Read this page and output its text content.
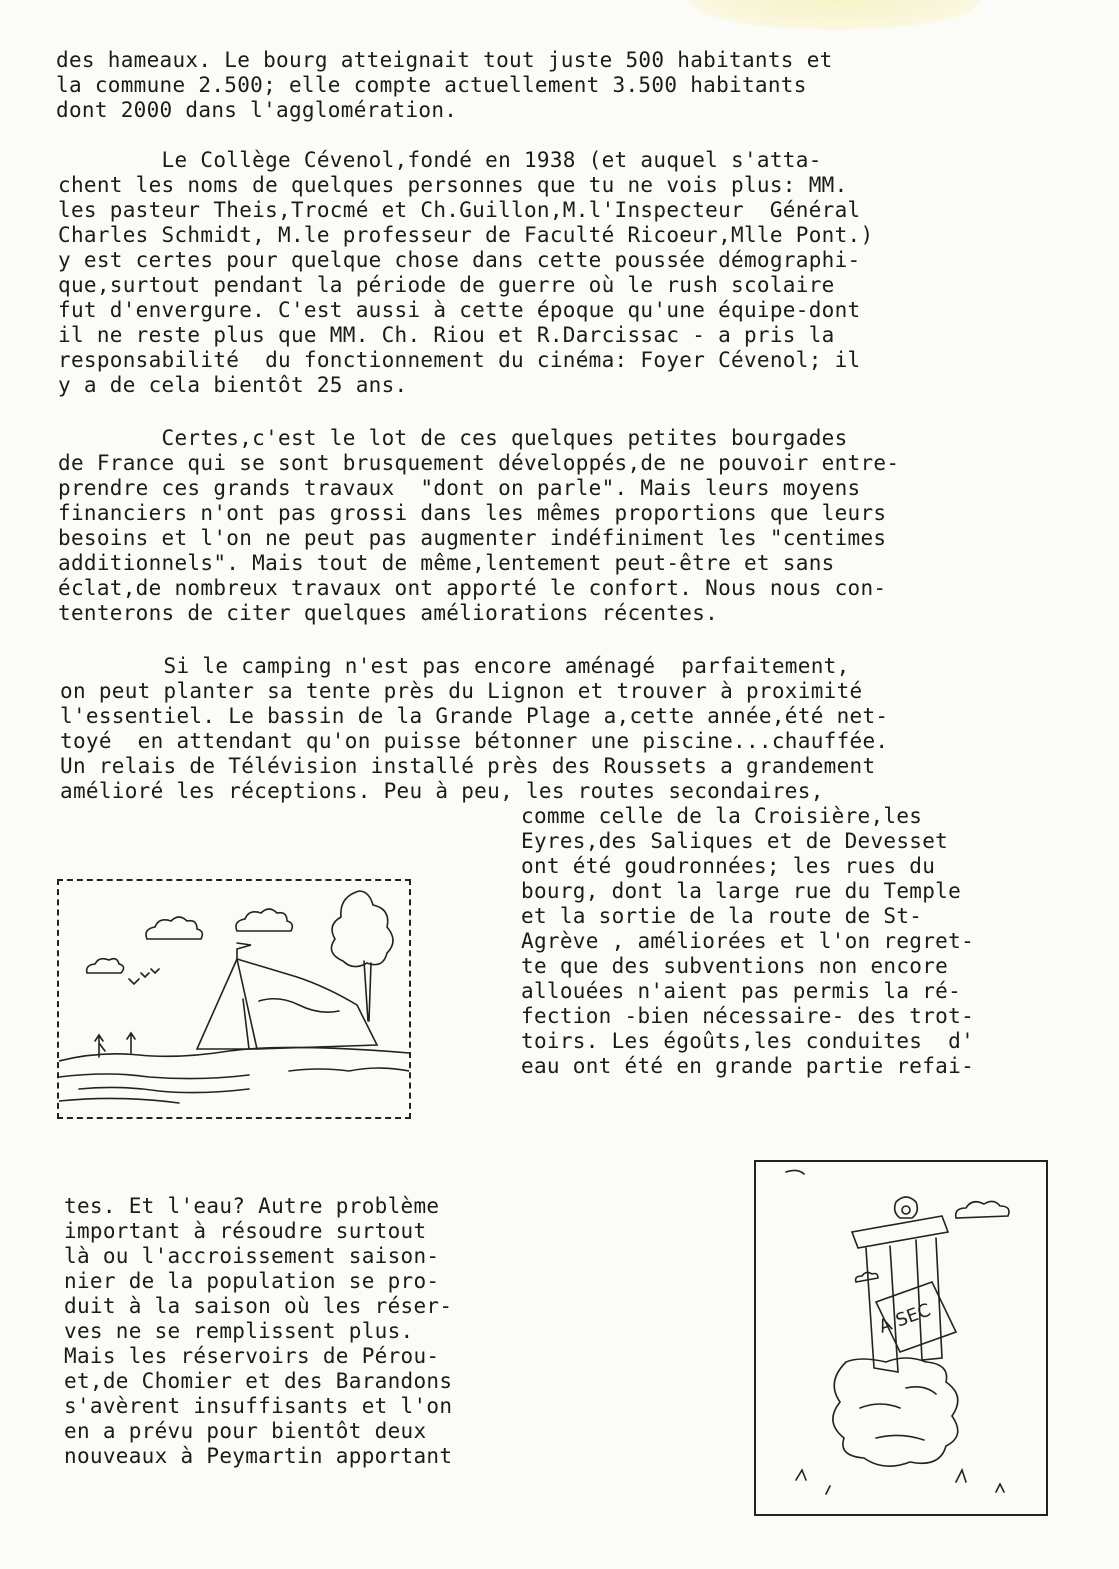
des hameaux. Le bourg atteignait tout juste 500 habitants et
la commune 2.500; elle compte actuellement 3.500 habitants
dont 2000 dans l'agglomération.
Le Collège Cévenol,fondé en 1938 (et auquel s'atta-
chent les noms de quelques personnes que tu ne vois plus: MM.
les pasteur Theis,Trocmé et Ch.Guillon,M.l'Inspecteur  Général
Charles Schmidt, M.le professeur de Faculté Ricoeur,Mlle Pont.)
y est certes pour quelque chose dans cette poussée démographi-
que,surtout pendant la période de guerre où le rush scolaire
fut d'envergure. C'est aussi à cette époque qu'une équipe-dont
il ne reste plus que MM. Ch. Riou et R.Darcissac - a pris la
responsabilité  du fonctionnement du cinéma: Foyer Cévenol; il
y a de cela bientôt 25 ans.
Certes,c'est le lot de ces quelques petites bourgades
de France qui se sont brusquement développés,de ne pouvoir entre-
prendre ces grands travaux  "dont on parle". Mais leurs moyens
financiers n'ont pas grossi dans les mêmes proportions que leurs
besoins et l'on ne peut pas augmenter indéfiniment les "centimes
additionnels". Mais tout de même,lentement peut-être et sans
éclat,de nombreux travaux ont apporté le confort. Nous nous con-
tenterons de citer quelques améliorations récentes.
Si le camping n'est pas encore aménagé  parfaitement,
on peut planter sa tente près du Lignon et trouver à proximité
l'essentiel. Le bassin de la Grande Plage a,cette année,été net-
toyé  en attendant qu'on puisse bétonner une piscine...chauffée.
Un relais de Télévision installé près des Roussets a grandement
amélioré les réceptions. Peu à peu, les routes secondaires,
comme celle de la Croisière,les
Eyres,des Saliques et de Devesset
ont été goudronnées; les rues du
bourg, dont la large rue du Temple
et la sortie de la route de St-
Agrève , améliorées et l'on regret-
te que des subventions non encore
allouées n'aient pas permis la ré-
fection -bien nécessaire- des trot-
toirs. Les égoûts,les conduites  d'
eau ont été en grande partie refai-
tes. Et l'eau? Autre problème
important à résoudre surtout
là ou l'accroissement saison-
nier de la population se pro-
duit à la saison où les réser-
ves ne se remplissent plus.
Mais les réservoirs de Pérou-
et,de Chomier et des Barandons
s'avèrent insuffisants et l'on
en a prévu pour bientôt deux
nouveaux à Peymartin apportant
A SEC
